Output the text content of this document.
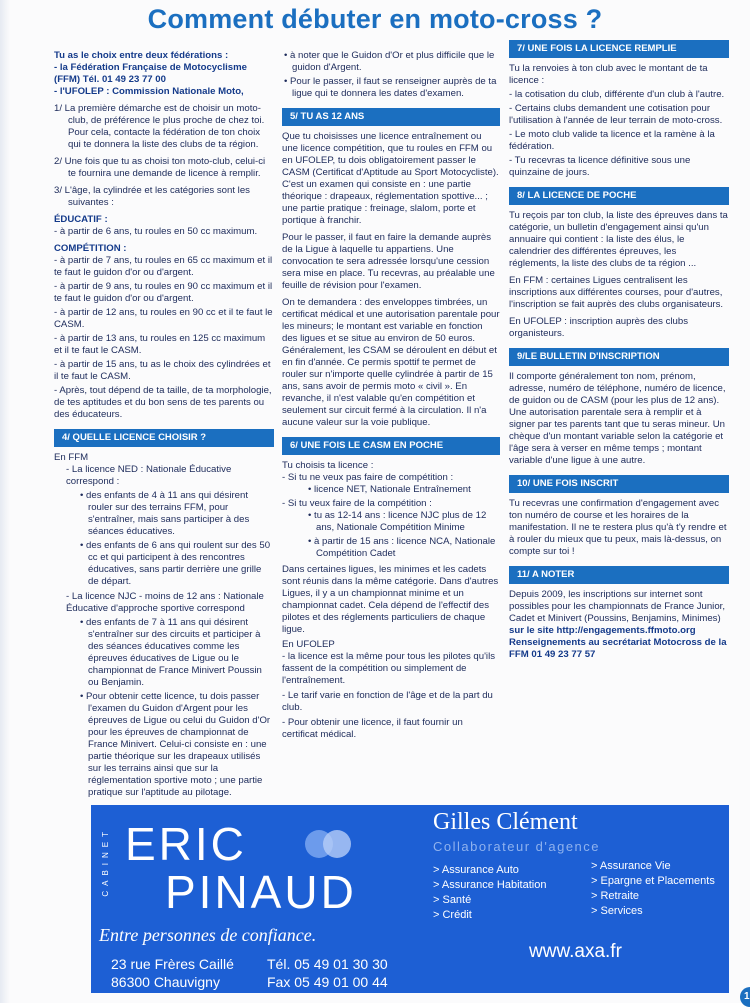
Comment débuter en moto-cross ?

Tu as le choix entre deux fédérations :

- la Fédération Française de Motocyclisme (FFM) Tél. 01 49 23 77 00

- l'UFOLEP : Commission Nationale Moto,

1/ La première démarche est de choisir un moto-club, de préférence le plus proche de chez toi. Pour cela, contacte la fédération de ton choix qui te donnera la liste des clubs de ta région.

2/ Une fois que tu as choisi ton moto-club, celui-ci te fournira une demande de licence à remplir.

3/ L'âge, la cylindrée et les catégories sont les suivantes :

ÉDUCATIF :

- à partir de 6 ans, tu roules en 50 cc maximum.

COMPÉTITION :

- à partir de 7 ans, tu roules en 65 cc maximum et il te faut le guidon d'or ou d'argent.

- à partir de 9 ans, tu roules en 90 cc maximum et il te faut le guidon d'or ou d'argent.

- à partir de 12 ans, tu roules en 90 cc et il te faut le CASM.

- à partir de 13 ans, tu roules en 125 cc maximum et il te faut le CASM.

- à partir de 15 ans, tu as le choix des cylindrées et il te faut le CASM.

- Après, tout dépend de ta taille, de ta morphologie, de tes aptitudes et du bon sens de tes parents ou des éducateurs.

4/ QUELLE LICENCE CHOISIR ?

En FFM

- La licence NED : Nationale Éducative correspond :

• des enfants de 4 à 11 ans qui désirent rouler sur des terrains FFM, pour s'entraîner, mais sans participer à des séances éducatives.

• des enfants de 6 ans qui roulent sur des 50 cc et qui participent à des rencontres éducatives, sans partir derrière une grille de départ.

- La licence NJC - moins de 12 ans : Nationale Éducative d'approche sportive correspond

• des enfants de 7 à 11 ans qui désirent s'entraîner sur des circuits et participer à des séances éducatives comme les épreuves éducatives de Ligue ou le championnat de France Minivert Poussin ou Benjamin.

• Pour obtenir cette licence, tu dois passer l'examen du Guidon d'Argent pour les épreuves de Ligue ou celui du Guidon d'Or pour les épreuves de championnat de France Minivert. Celui-ci consiste en : une partie théorique sur les drapeaux utilisés sur les terrains ainsi que sur la réglementation sportive moto ; une partie pratique sur l'aptitude au pilotage.

• à noter que le Guidon d'Or et plus difficile que le guidon d'Argent.

• Pour le passer, il faut se renseigner auprès de ta ligue qui te donnera les dates d'examen.

5/ TU AS 12 ANS

Que tu choisisses une licence entraînement ou une licence compétition, que tu roules en FFM ou en UFOLEP, tu dois obligatoirement passer le CASM (Certificat d'Aptitude au Sport Motocycliste). C'est un examen qui consiste en : une partie théorique : drapeaux, réglementation spottive... ; une partie pratique : freinage, slalom, porte et portique à franchir.

Pour le passer, il faut en faire la demande auprès de la Ligue à laquelle tu appartiens. Une convocation te sera adressée lorsqu'une cession sera mise en place. Tu recevras, au préalable une feuille de révision pour l'examen.

On te demandera : des enveloppes timbrées, un certificat médical et une autorisation parentale pour les mineurs; le montant est variable en fonction des ligues et se situe au environ de 50 euros. Généralement, les CSAM se déroulent en début et en fin d'année. Ce permis spottif te permet de rouler sur n'importe quelle cylindrée à partir de 15 ans, sans avoir de permis moto « civil ». En revanche, il n'est valable qu'en compétition et seulement sur circuit fermé à la circulation. Il n'a aucune valeur sur la voie publique.

6/ UNE FOIS LE CASM EN POCHE

Tu choisis ta licence :

- Si tu ne veux pas faire de compétition :

• licence NET, Nationale Entraînement

- Si tu veux faire de la compétition :

• tu as 12-14 ans : licence NJC plus de 12 ans, Nationale Compétition Minime

• à partir de 15 ans : licence NCA, Nationale Compétition Cadet

Dans certaines ligues, les minimes et les cadets sont réunis dans la même catégorie. Dans d'autres Ligues, il y a un championnat minime et un championnat cadet. Cela dépend de l'effectif des pilotes et des réglements particuliers de chaque ligue.

En UFOLEP

- la licence est la même pour tous les pilotes qu'ils fassent de la compétition ou simplement de l'entraînement.

- Le tarif varie en fonction de l'âge et de la part du club.

- Pour obtenir une licence, il faut fournir un certificat médical.

7/ UNE FOIS LA LICENCE REMPLIE

Tu la renvoies à ton club avec le montant de ta licence :

- la cotisation du club, différente d'un club à l'autre.

- Certains clubs demandent une cotisation pour l'utilisation à l'année de leur terrain de moto-cross.

- Le moto club valide ta licence et la ramène à la fédération.

- Tu recevras ta licence définitive sous une quinzaine de jours.

8/ LA LICENCE DE POCHE

Tu reçois par ton club, la liste des épreuves dans ta catégorie, un bulletin d'engagement ainsi qu'un annuaire qui contient : la liste des élus, le calendrier des différentes épreuves, les réglements, la liste des clubs de ta région ...

En FFM : certaines Ligues centralisent les inscriptions aux différentes courses, pour d'autres, l'inscription se fait auprès des clubs organisateurs.

En UFOLEP : inscription auprès des clubs organisteurs.

9/LE BULLETIN D'INSCRIPTION

Il comporte généralement ton nom, prénom, adresse, numéro de téléphone, numéro de licence, de guidon ou de CASM (pour les plus de 12 ans). Une autorisation parentale sera à remplir et à signer par tes parents tant que tu seras mineur. Un chèque d'un montant variable selon la catégorie et l'âge sera à verser en même temps ; montant variable d'une ligue à une autre.

10/ UNE FOIS INSCRIT

Tu recevras une confirmation d'engagement avec ton numéro de course et les horaires de la manifestation. Il ne te restera plus qu'à t'y rendre et à rouler du mieux que tu peux, mais là-dessus, on compte sur toi !

11/ A NOTER

Depuis 2009, les inscriptions sur internet sont possibles pour les championnats de France Junior, Cadet et Minivert (Poussins, Benjamins, Minimes)

sur le site http://engagements.ffmoto.org Renseignements au secrétariat Motocross de la FFM 01 49 23 77 57

CABINET ERIC
PINAUD
Entre personnes de confiance.
23 rue Frères Caillé
86300 Chauvigny
Tél. 05 49 01 30 30
Fax 05 49 01 00 44
Gilles Clément
Collaborateur d'agence
> Assurance Auto
> Assurance Habitation
> Santé
> Crédit
> Assurance Vie
> Epargne et Placements
> Retraite
> Services
www.axa.fr
1
